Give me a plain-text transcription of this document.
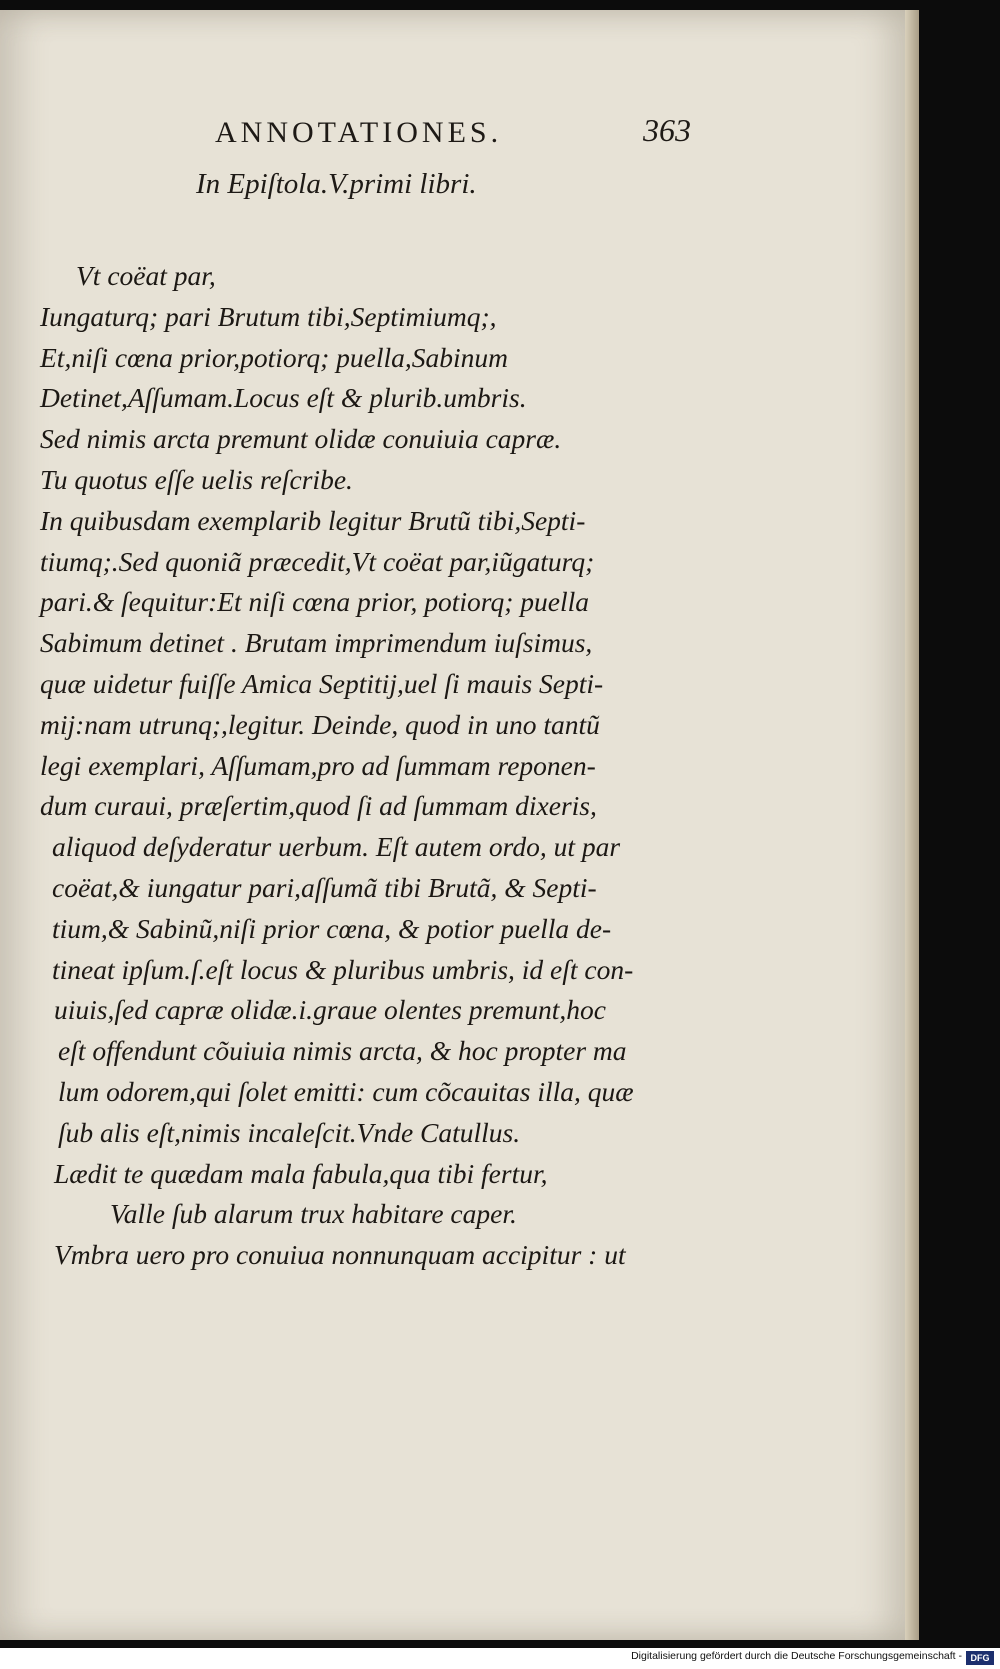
ANNOTATIONES.	363
In Epiſtola.V.primi libri.
Vt coëat par,
Iungaturq; pari Brutum tibi,Septimiumq;,
Et,niſi cœna prior,potiorq; puella,Sabinum
Detinet,Aſſumam.Locus eſt & plurib.umbris.
Sed nimis arcta premunt olidæ conuiuia capræ.
Tu quotus eſſe uelis reſcribe.
In quibusdam exemplarib legitur Brutũ tibi,Septi-
tiumq;.Sed quoniã præcedit,Vt coëat par,iũgaturq;
pari.& ſequitur:Et niſi cœna prior, potiorq; puella
Sabimum detinet . Brutam imprimendum iuſsimus,
quæ uidetur fuiſſe Amica Septitij,uel ſi mauis Septi-
mij:nam utrunq;,legitur. Deinde, quod in uno tantũ
legi exemplari, Aſſumam,pro ad ſummam reponen-
dum curaui, præſertim,quod ſi ad ſummam dixeris,
aliquod deſyderatur uerbum. Eſt autem ordo, ut par
coëat,& iungatur pari,aſſumã tibi Brutã, & Septi-
tium,& Sabinũ,niſi prior cœna, & potior puella de-
tineat ipſum.ſ.eſt locus & pluribus umbris, id eſt con-
uiuis,ſed capræ olidæ.i.graue olentes premunt,hoc
eſt offendunt cõuiuia nimis arcta, & hoc propter ma
lum odorem,qui ſolet emitti: cum cõcauitas illa, quæ
ſub alis eſt,nimis incaleſcit.Vnde Catullus.
Lædit te quædam mala fabula,qua tibi fertur,
Valle ſub alarum trux habitare caper.
Vmbra uero pro conuiua nonnunquam accipitur : ut
Digitalisierung gefördert durch die Deutsche Forschungsgemeinschaft - DFG
